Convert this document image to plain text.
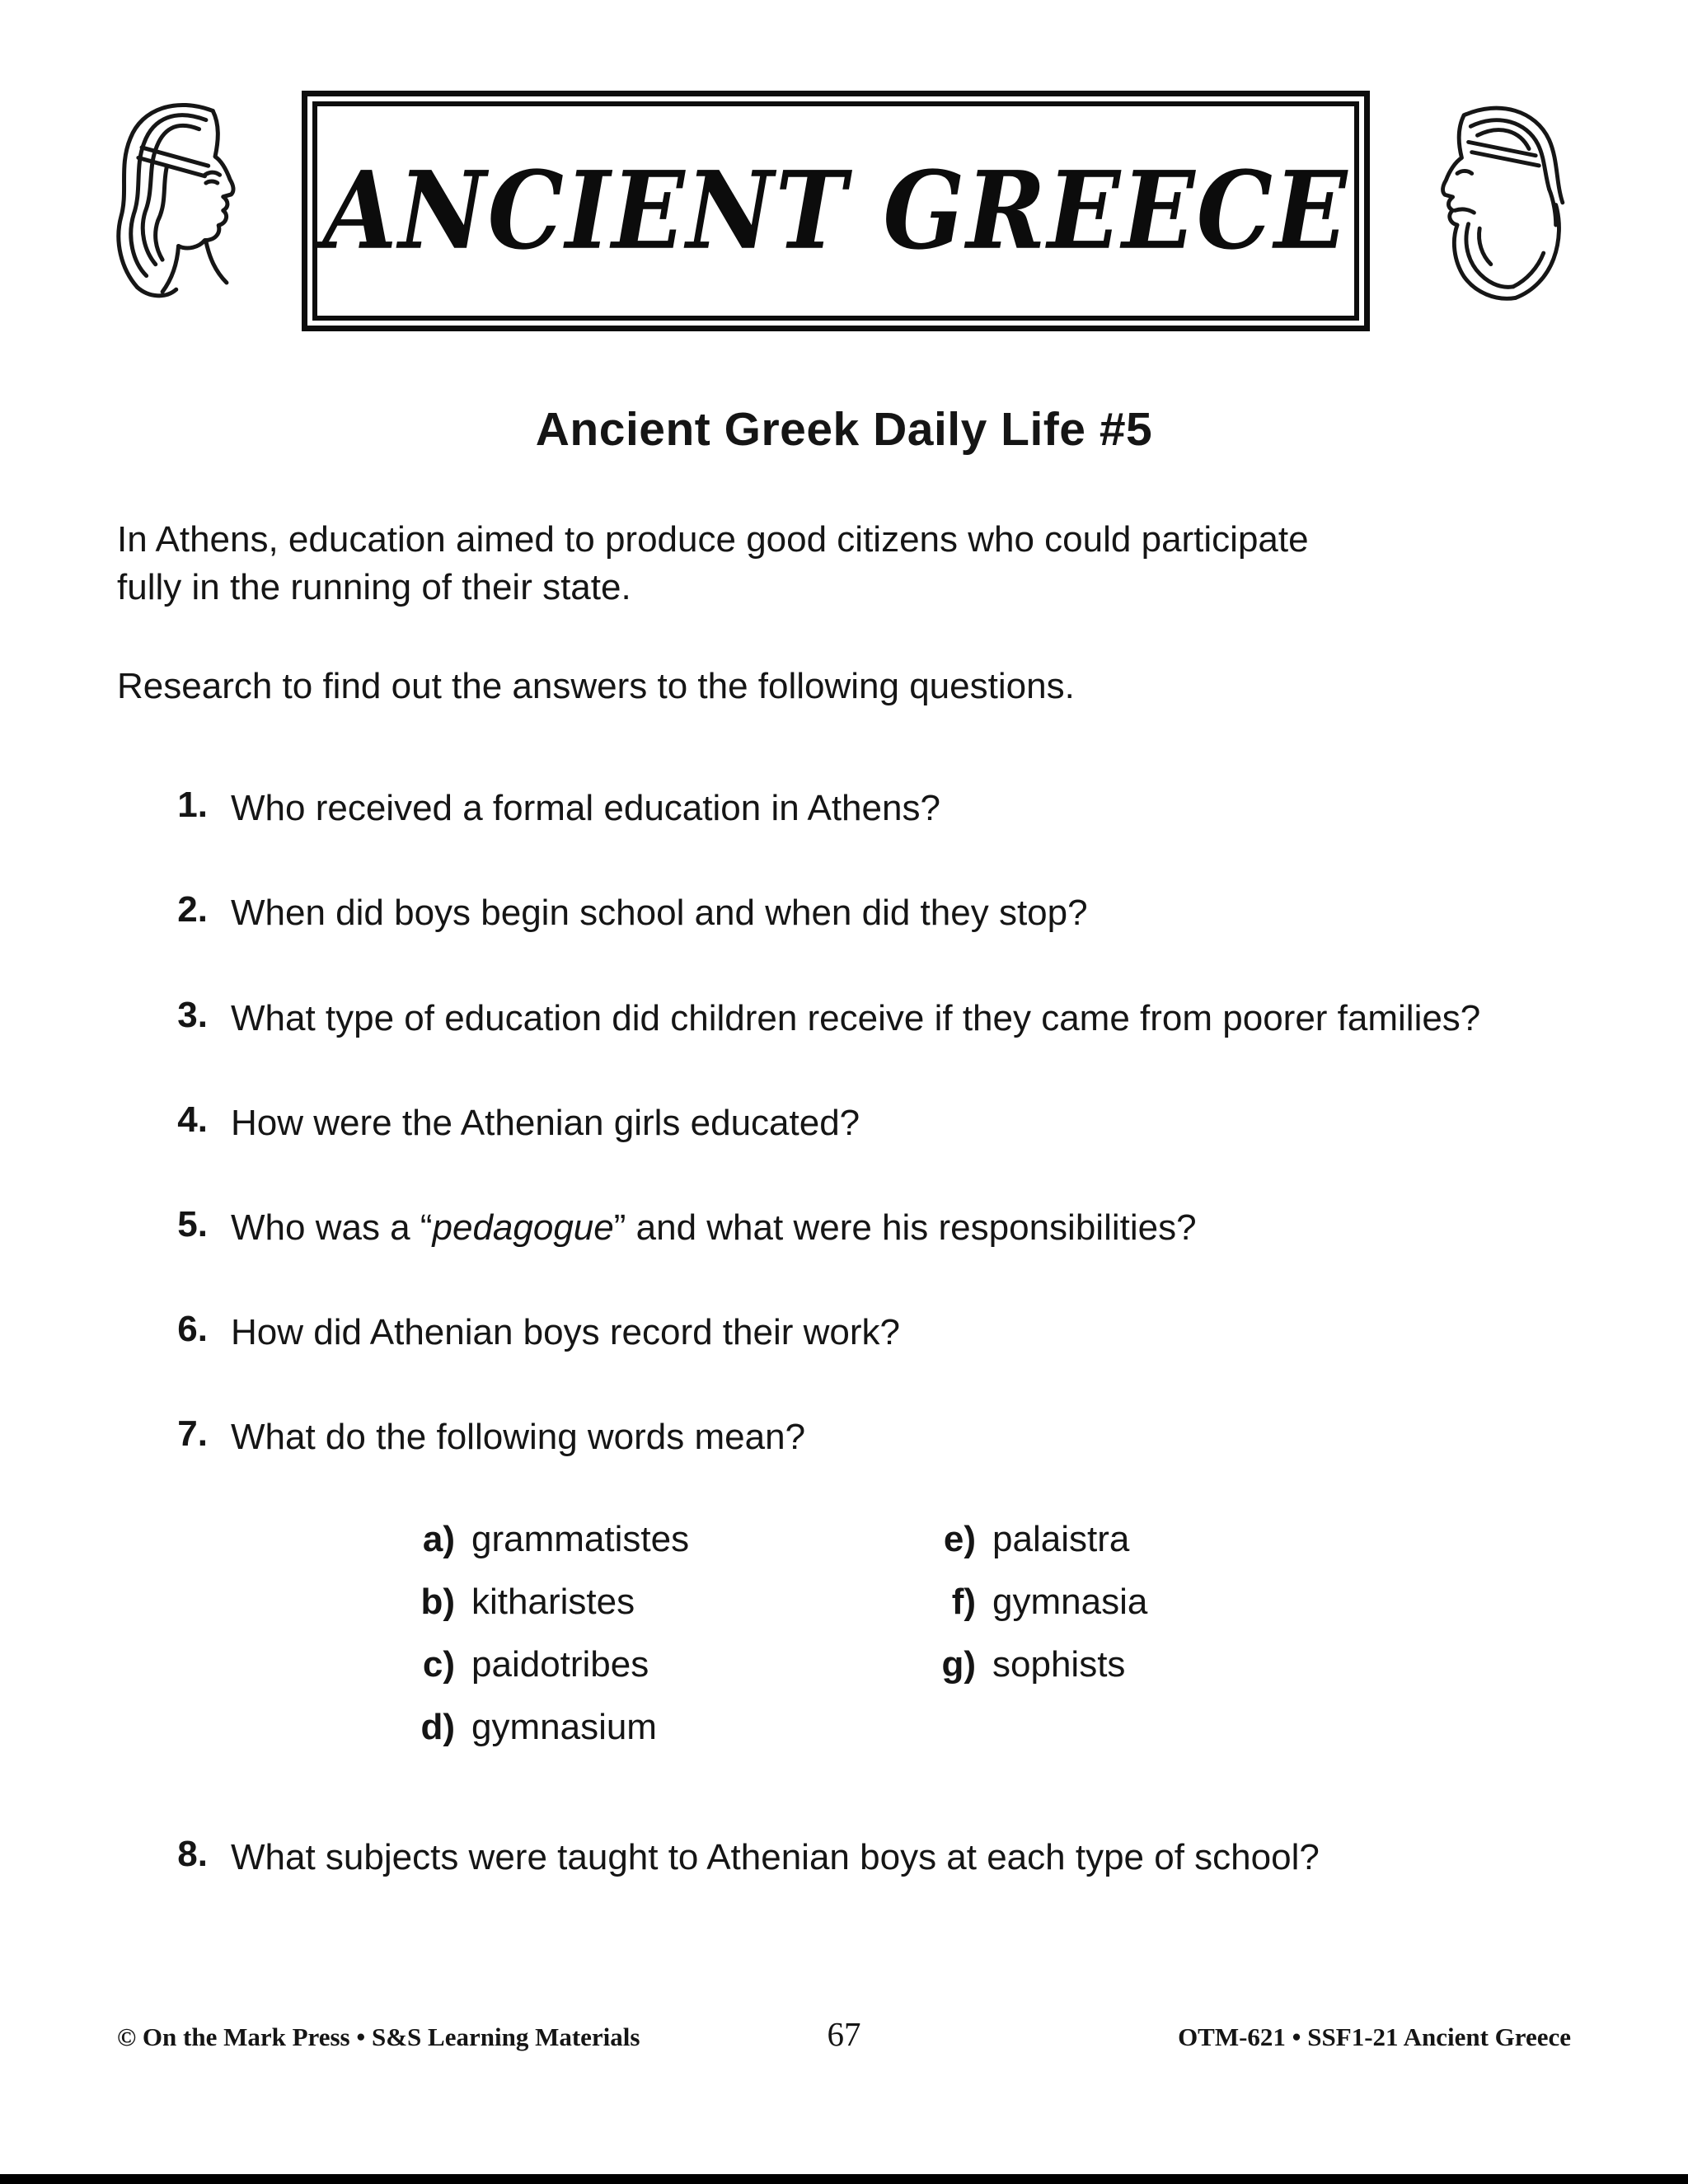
ANCIENT GREECE
Ancient Greek Daily Life #5

In Athens, education aimed to produce good citizens who could participate fully in the running of their state.

Research to find out the answers to the following questions.

1. Who received a formal education in Athens?
2. When did boys begin school and when did they stop?
3. What type of education did children receive if they came from poorer families?
4. How were the Athenian girls educated?
5. Who was a “pedagogue” and what were his responsibilities?
6. How did Athenian boys record their work?
7. What do the following words mean?
a) grammatistes
b) kitharistes
c) paidotribes
d) gymnasium
e) palaistra
f) gymnasia
g) sophists
8. What subjects were taught to Athenian boys at each type of school?
© On the Mark Press • S&S Learning Materials	67	OTM-621 • SSF1-21 Ancient Greece
